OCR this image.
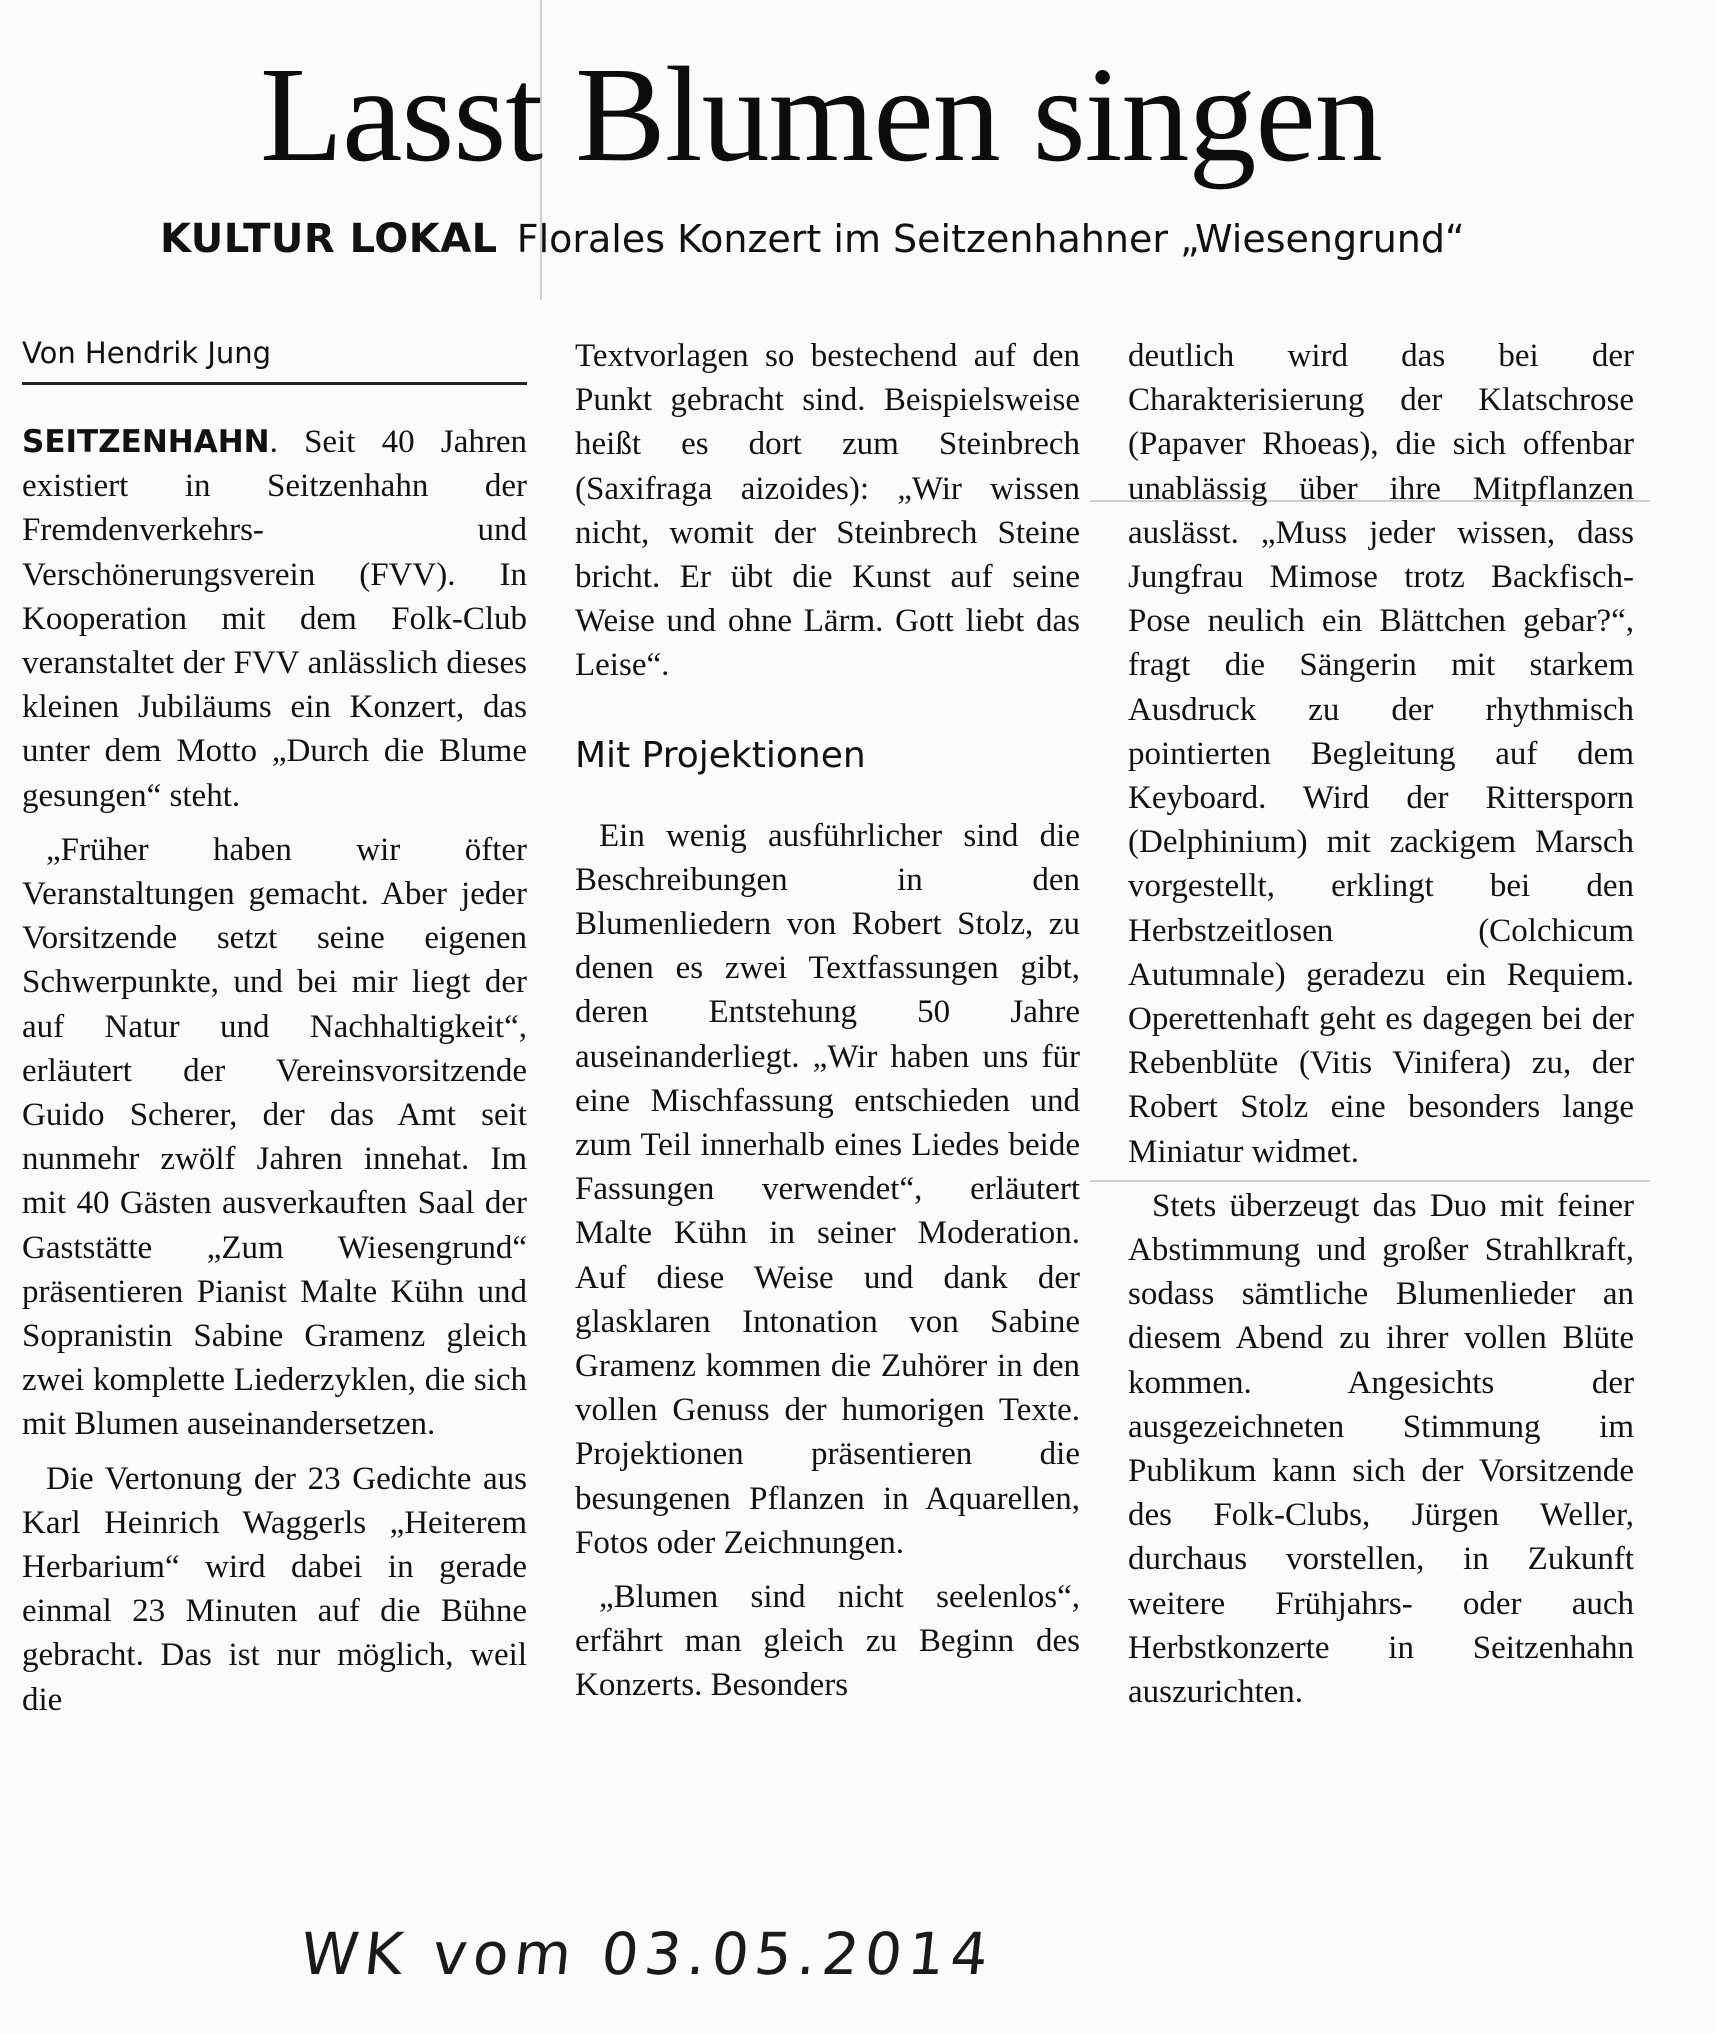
Lasst Blumen singen
KULTUR LOKAL Florales Konzert im Seitzenhahner „Wiesengrund“
Von Hendrik Jung

SEITZENHAHN. Seit 40 Jahren existiert in Seitzenhahn der Fremdenverkehrs- und Verschönerungsverein (FVV). In Kooperation mit dem Folk-Club veranstaltet der FVV anlässlich dieses kleinen Jubiläums ein Konzert, das unter dem Motto „Durch die Blume gesungen“ steht.

„Früher haben wir öfter Veranstaltungen gemacht. Aber jeder Vorsitzende setzt seine eigenen Schwerpunkte, und bei mir liegt der auf Natur und Nachhaltigkeit“, erläutert der Vereinsvorsitzende Guido Scherer, der das Amt seit nunmehr zwölf Jahren innehat. Im mit 40 Gästen ausverkauften Saal der Gaststätte „Zum Wiesengrund“ präsentieren Pianist Malte Kühn und Sopranistin Sabine Gramenz gleich zwei komplette Liederzyklen, die sich mit Blumen auseinandersetzen.

Die Vertonung der 23 Gedichte aus Karl Heinrich Waggerls „Heiterem Herbarium“ wird dabei in gerade einmal 23 Minuten auf die Bühne gebracht. Das ist nur möglich, weil die

Textvorlagen so bestechend auf den Punkt gebracht sind. Beispielsweise heißt es dort zum Steinbrech (Saxifraga aizoides): „Wir wissen nicht, womit der Steinbrech Steine bricht. Er übt die Kunst auf seine Weise und ohne Lärm. Gott liebt das Leise“.

Mit Projektionen

Ein wenig ausführlicher sind die Beschreibungen in den Blumenliedern von Robert Stolz, zu denen es zwei Textfassungen gibt, deren Entstehung 50 Jahre auseinanderliegt. „Wir haben uns für eine Mischfassung entschieden und zum Teil innerhalb eines Liedes beide Fassungen verwendet“, erläutert Malte Kühn in seiner Moderation. Auf diese Weise und dank der glasklaren Intonation von Sabine Gramenz kommen die Zuhörer in den vollen Genuss der humorigen Texte. Projektionen präsentieren die besungenen Pflanzen in Aquarellen, Fotos oder Zeichnungen.

„Blumen sind nicht seelenlos“, erfährt man gleich zu Beginn des Konzerts. Besonders

deutlich wird das bei der Charakterisierung der Klatschrose (Papaver Rhoeas), die sich offenbar unablässig über ihre Mitpflanzen auslässt. „Muss jeder wissen, dass Jungfrau Mimose trotz Backfisch-Pose neulich ein Blättchen gebar?“, fragt die Sängerin mit starkem Ausdruck zu der rhythmisch pointierten Begleitung auf dem Keyboard. Wird der Rittersporn (Delphinium) mit zackigem Marsch vorgestellt, erklingt bei den Herbstzeitlosen (Colchicum Autumnale) geradezu ein Requiem. Operettenhaft geht es dagegen bei der Rebenblüte (Vitis Vinifera) zu, der Robert Stolz eine besonders lange Miniatur widmet.

Stets überzeugt das Duo mit feiner Abstimmung und großer Strahlkraft, sodass sämtliche Blumenlieder an diesem Abend zu ihrer vollen Blüte kommen. Angesichts der ausgezeichneten Stimmung im Publikum kann sich der Vorsitzende des Folk-Clubs, Jürgen Weller, durchaus vorstellen, in Zukunft weitere Frühjahrs- oder auch Herbstkonzerte in Seitzenhahn auszurichten.

WK vom 03.05.2014
